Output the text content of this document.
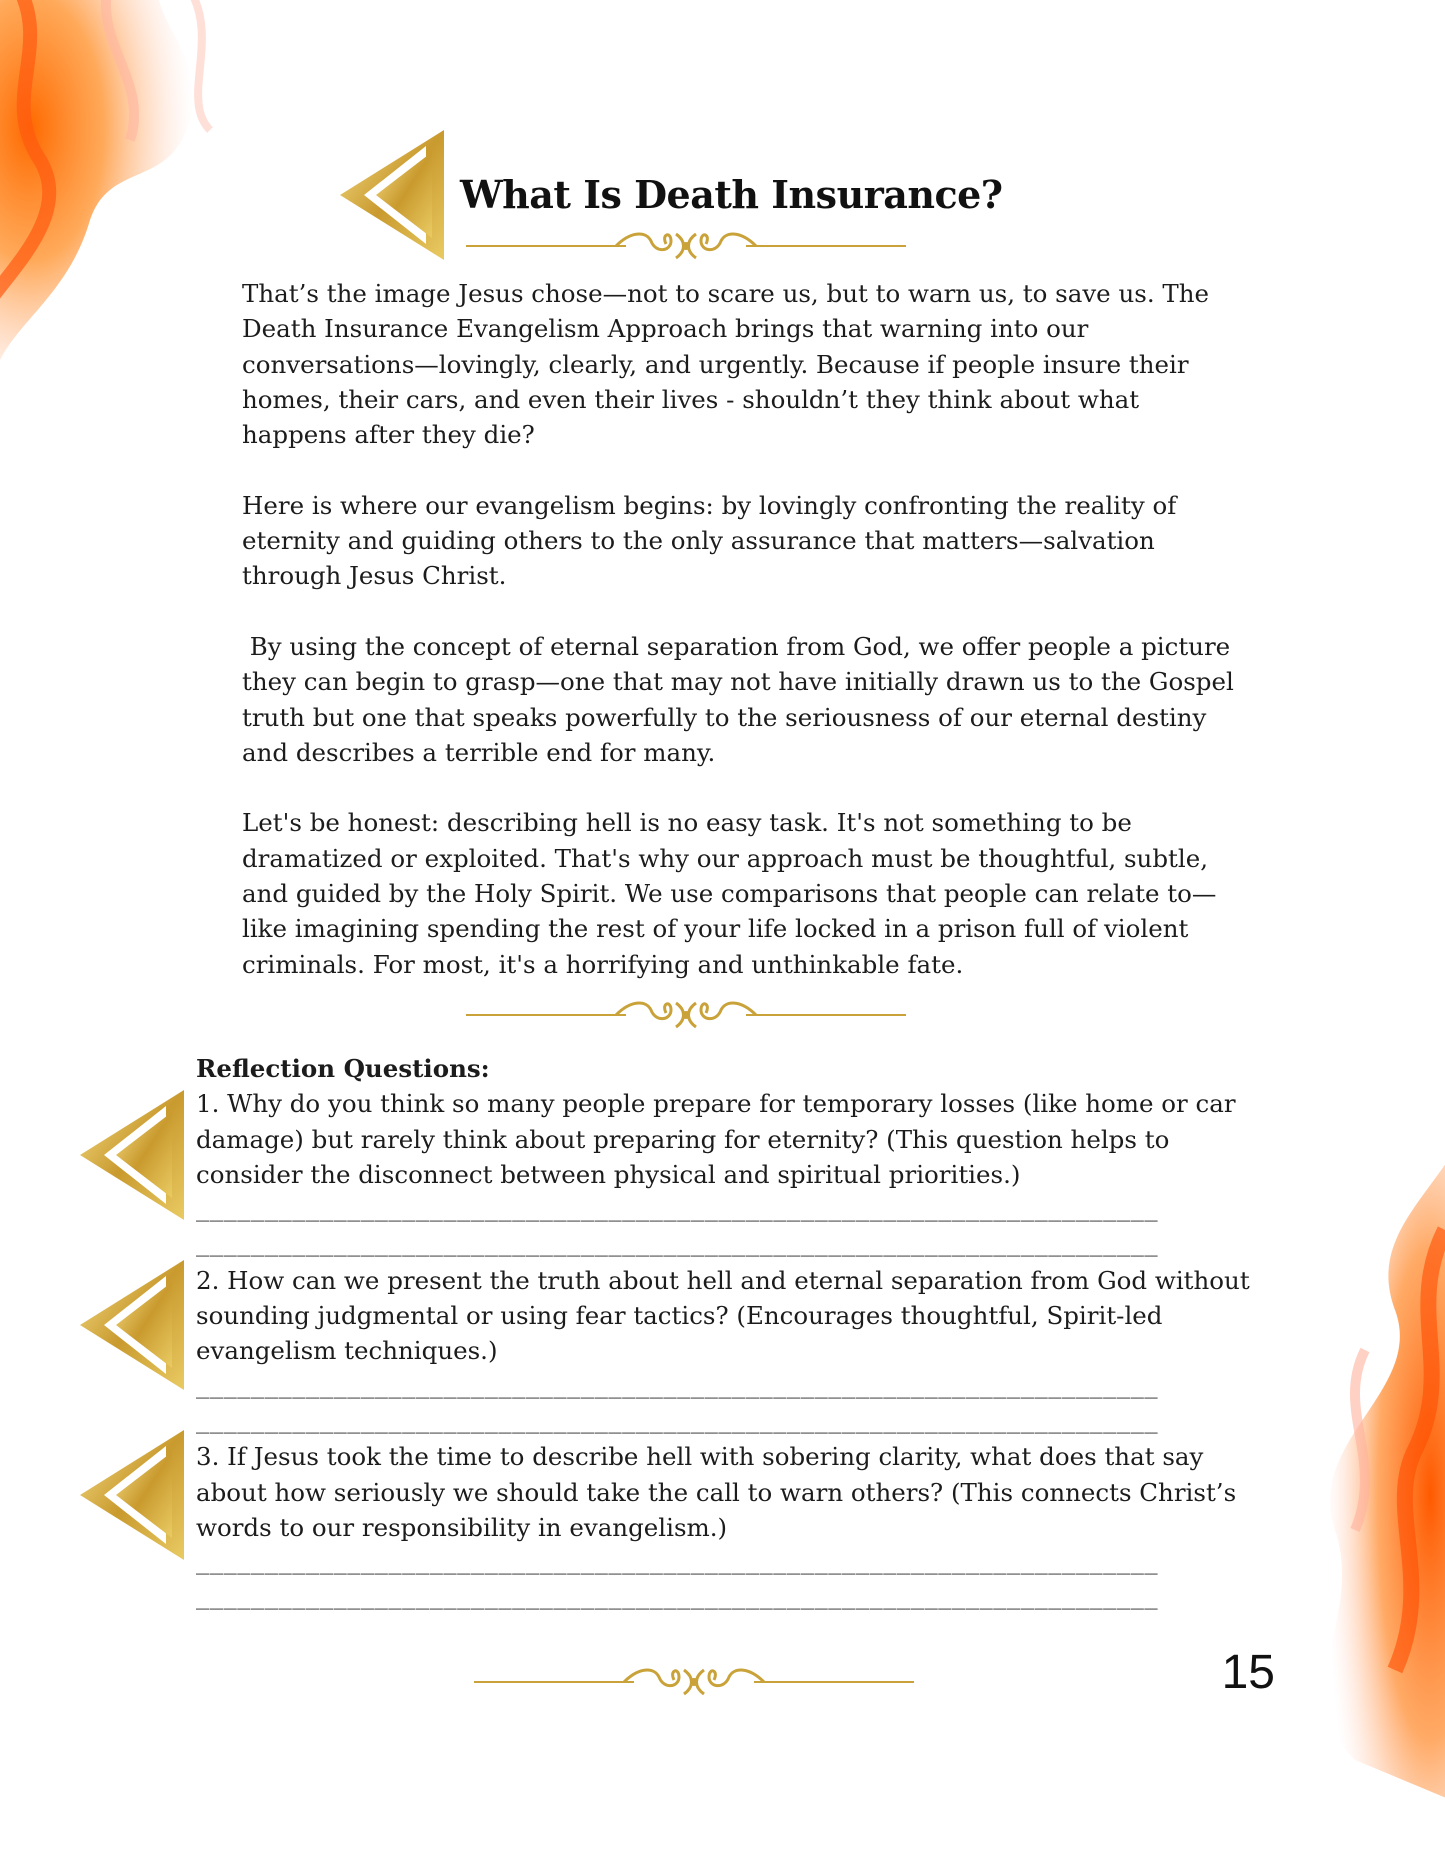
What Is Death Insurance?

That’s the image Jesus chose—not to scare us, but to warn us, to save us. The Death Insurance Evangelism Approach brings that warning into our conversations—lovingly, clearly, and urgently. Because if people insure their homes, their cars, and even their lives - shouldn’t they think about what happens after they die?

Here is where our evangelism begins: by lovingly confronting the reality of eternity and guiding others to the only assurance that matters—salvation through Jesus Christ.

By using the concept of eternal separation from God, we offer people a picture they can begin to grasp—one that may not have initially drawn us to the Gospel truth but one that speaks powerfully to the seriousness of our eternal destiny and describes a terrible end for many.

Let's be honest: describing hell is no easy task. It's not something to be dramatized or exploited. That's why our approach must be thoughtful, subtle, and guided by the Holy Spirit. We use comparisons that people can relate to—like imagining spending the rest of your life locked in a prison full of violent criminals. For most, it's a horrifying and unthinkable fate.

Reflection Questions:
1. Why do you think so many people prepare for temporary losses (like home or car damage) but rarely think about preparing for eternity? (This question helps to consider the disconnect between physical and spiritual priorities.)
______________________________________________________________________
______________________________________________________________________
2. How can we present the truth about hell and eternal separation from God without sounding judgmental or using fear tactics? (Encourages thoughtful, Spirit-led evangelism techniques.)
______________________________________________________________________
______________________________________________________________________
3. If Jesus took the time to describe hell with sobering clarity, what does that say about how seriously we should take the call to warn others? (This connects Christ’s words to our responsibility in evangelism.)
______________________________________________________________________
______________________________________________________________________
15
